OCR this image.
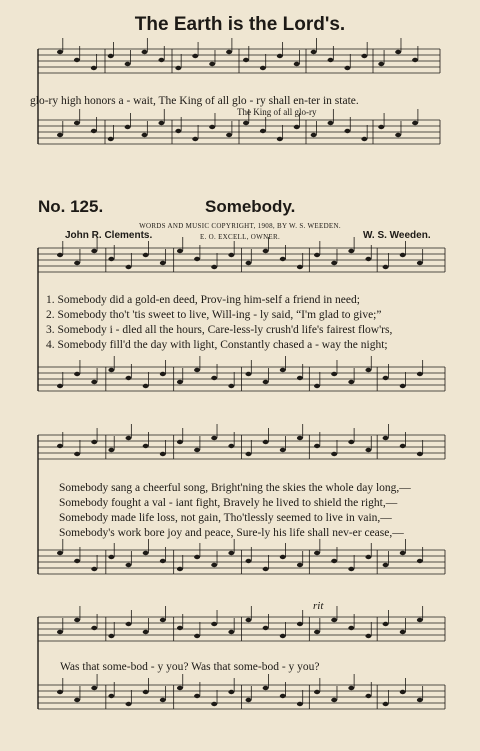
The Earth is the Lord's.
glo-ry high honors a - wait, The King of all glo - ry shall en-ter in state.
The King of all glo-ry
No. 125.	Somebody.
WORDS AND MUSIC COPYRIGHT, 1908, BY W. S. WEEDEN.
E. O. EXCELL, OWNER.
John R. Clements.	W. S. Weeden.
1. Somebody did a gold-en deed, Prov-ing him-self a friend in need;
2. Somebody tho't 'tis sweet to live, Will-ing - ly said, “I'm glad to give;”
3. Somebody i - dled all the hours, Care-less-ly crush'd life's fairest flow'rs,
4. Somebody fill'd the day with light, Constantly chased a - way the night;
Somebody sang a cheerful song, Bright'ning the skies the whole day long,—
Somebody fought a val - iant fight, Bravely he lived to shield the right,—
Somebody made life loss, not gain, Tho'tlessly seemed to live in vain,—
Somebody's work bore joy and peace, Sure-ly his life shall nev-er cease,—
rit
Was that some-bod - y you? Was that some-bod - y you?
